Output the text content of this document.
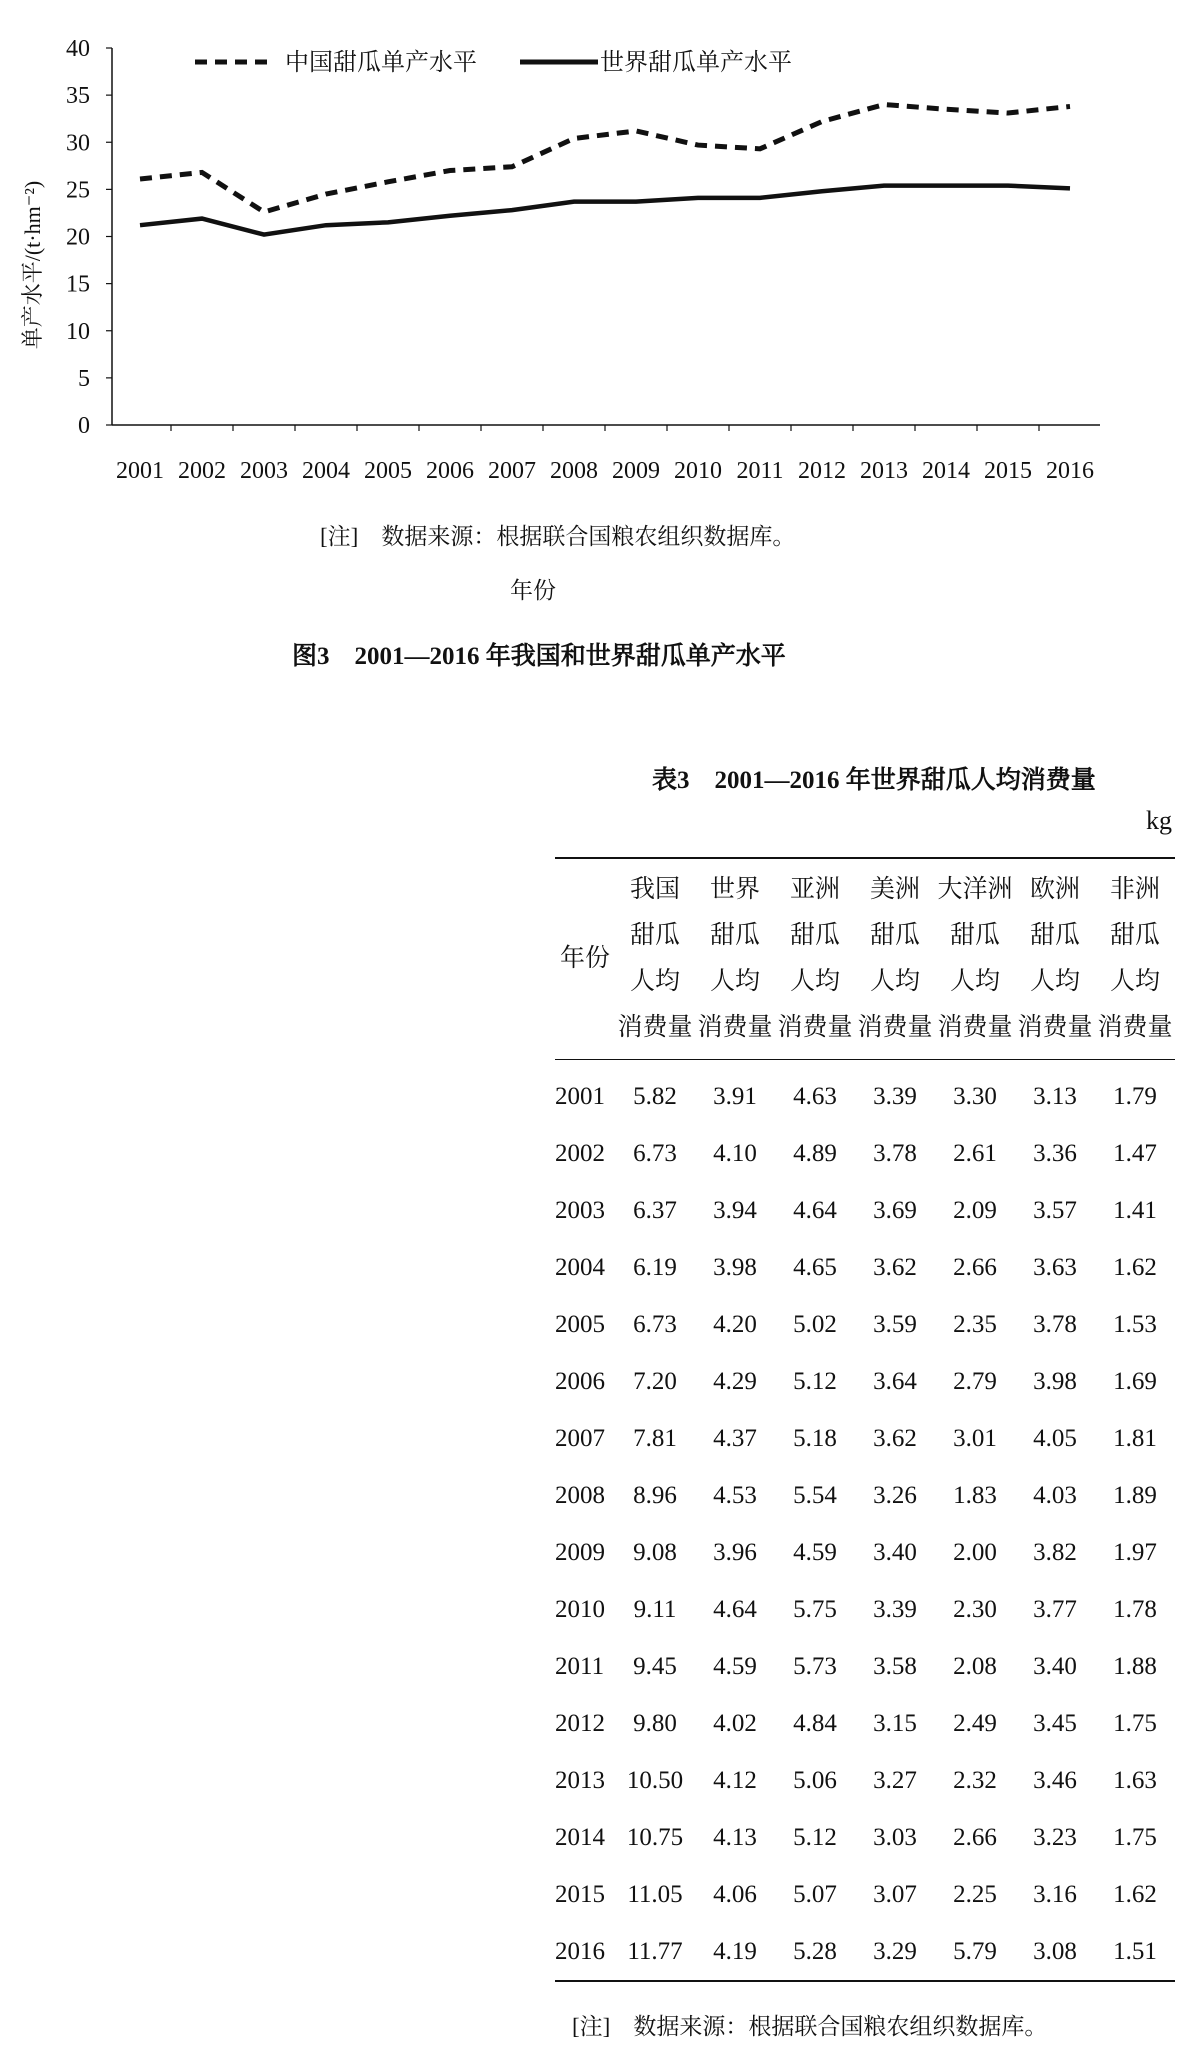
0
5
10
15
20
25
30
35
40
2001 2002 2003 2004 2005 2006 2007 2008 2009 2010 2011 2012 2013 2014 2015 2016
中国甜瓜单产水平	世界甜瓜单产水平
单产水平/(t·hm⁻²)
[注]　数据来源：根据联合国粮农组织数据库。
年份
图3　2001—2016 年我国和世界甜瓜单产水平
表3　2001—2016 年世界甜瓜人均消费量
kg
年份	我国
甜瓜
人均
消费量	世界
甜瓜
人均
消费量	亚洲
甜瓜
人均
消费量	美洲
甜瓜
人均
消费量	大洋洲
甜瓜
人均
消费量	欧洲
甜瓜
人均
消费量	非洲
甜瓜
人均
消费量

2001	5.82	3.91	4.63	3.39	3.30	3.13	1.79
2002	6.73	4.10	4.89	3.78	2.61	3.36	1.47
2003	6.37	3.94	4.64	3.69	2.09	3.57	1.41
2004	6.19	3.98	4.65	3.62	2.66	3.63	1.62
2005	6.73	4.20	5.02	3.59	2.35	3.78	1.53
2006	7.20	4.29	5.12	3.64	2.79	3.98	1.69
2007	7.81	4.37	5.18	3.62	3.01	4.05	1.81
2008	8.96	4.53	5.54	3.26	1.83	4.03	1.89
2009	9.08	3.96	4.59	3.40	2.00	3.82	1.97
2010	9.11	4.64	5.75	3.39	2.30	3.77	1.78
2011	9.45	4.59	5.73	3.58	2.08	3.40	1.88
2012	9.80	4.02	4.84	3.15	2.49	3.45	1.75
2013	10.50	4.12	5.06	3.27	2.32	3.46	1.63
2014	10.75	4.13	5.12	3.03	2.66	3.23	1.75
2015	11.05	4.06	5.07	3.07	2.25	3.16	1.62
2016	11.77	4.19	5.28	3.29	5.79	3.08	1.51
[注]　数据来源：根据联合国粮农组织数据库。
